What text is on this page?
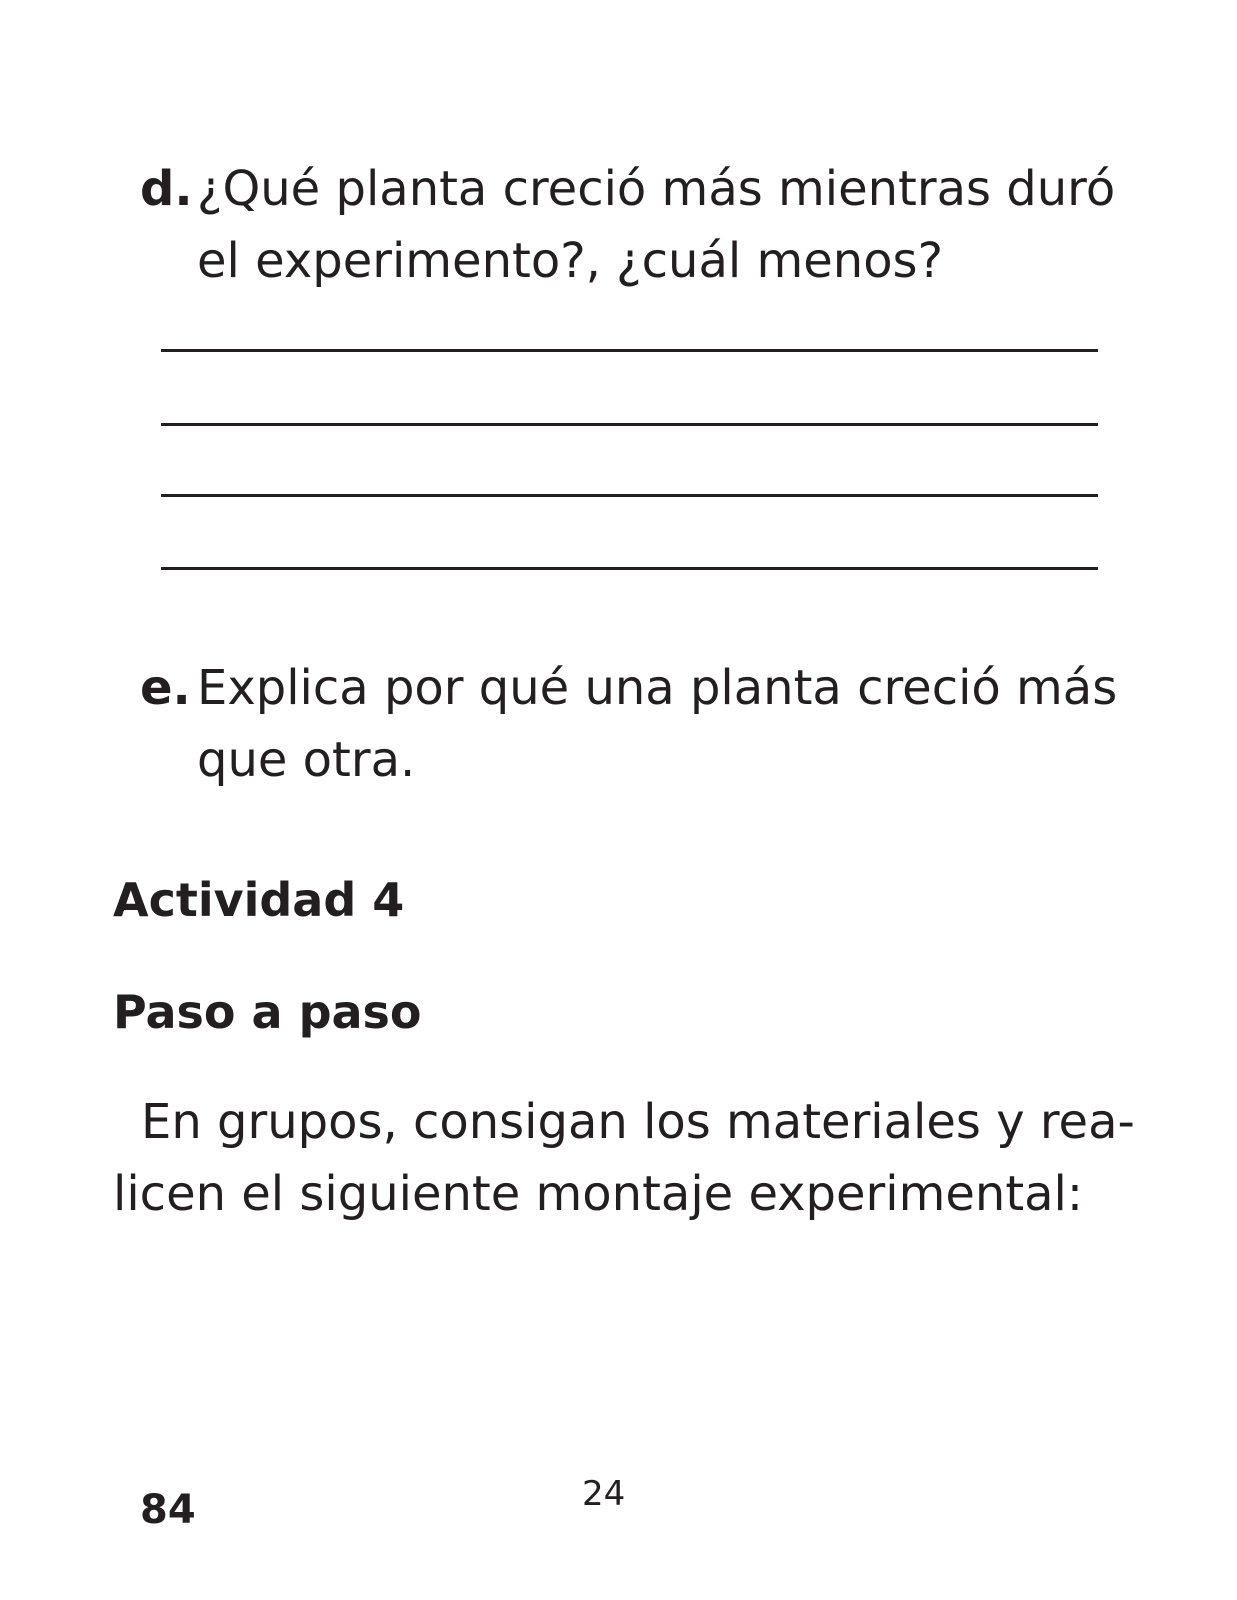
d. ¿Qué planta creció más mientras duró
el experimento?, ¿cuál menos?
e. Explica por qué una planta creció más
que otra.
Actividad 4
Paso a paso
En grupos, consigan los materiales y rea-
licen el siguiente montaje experimental:
84	24
